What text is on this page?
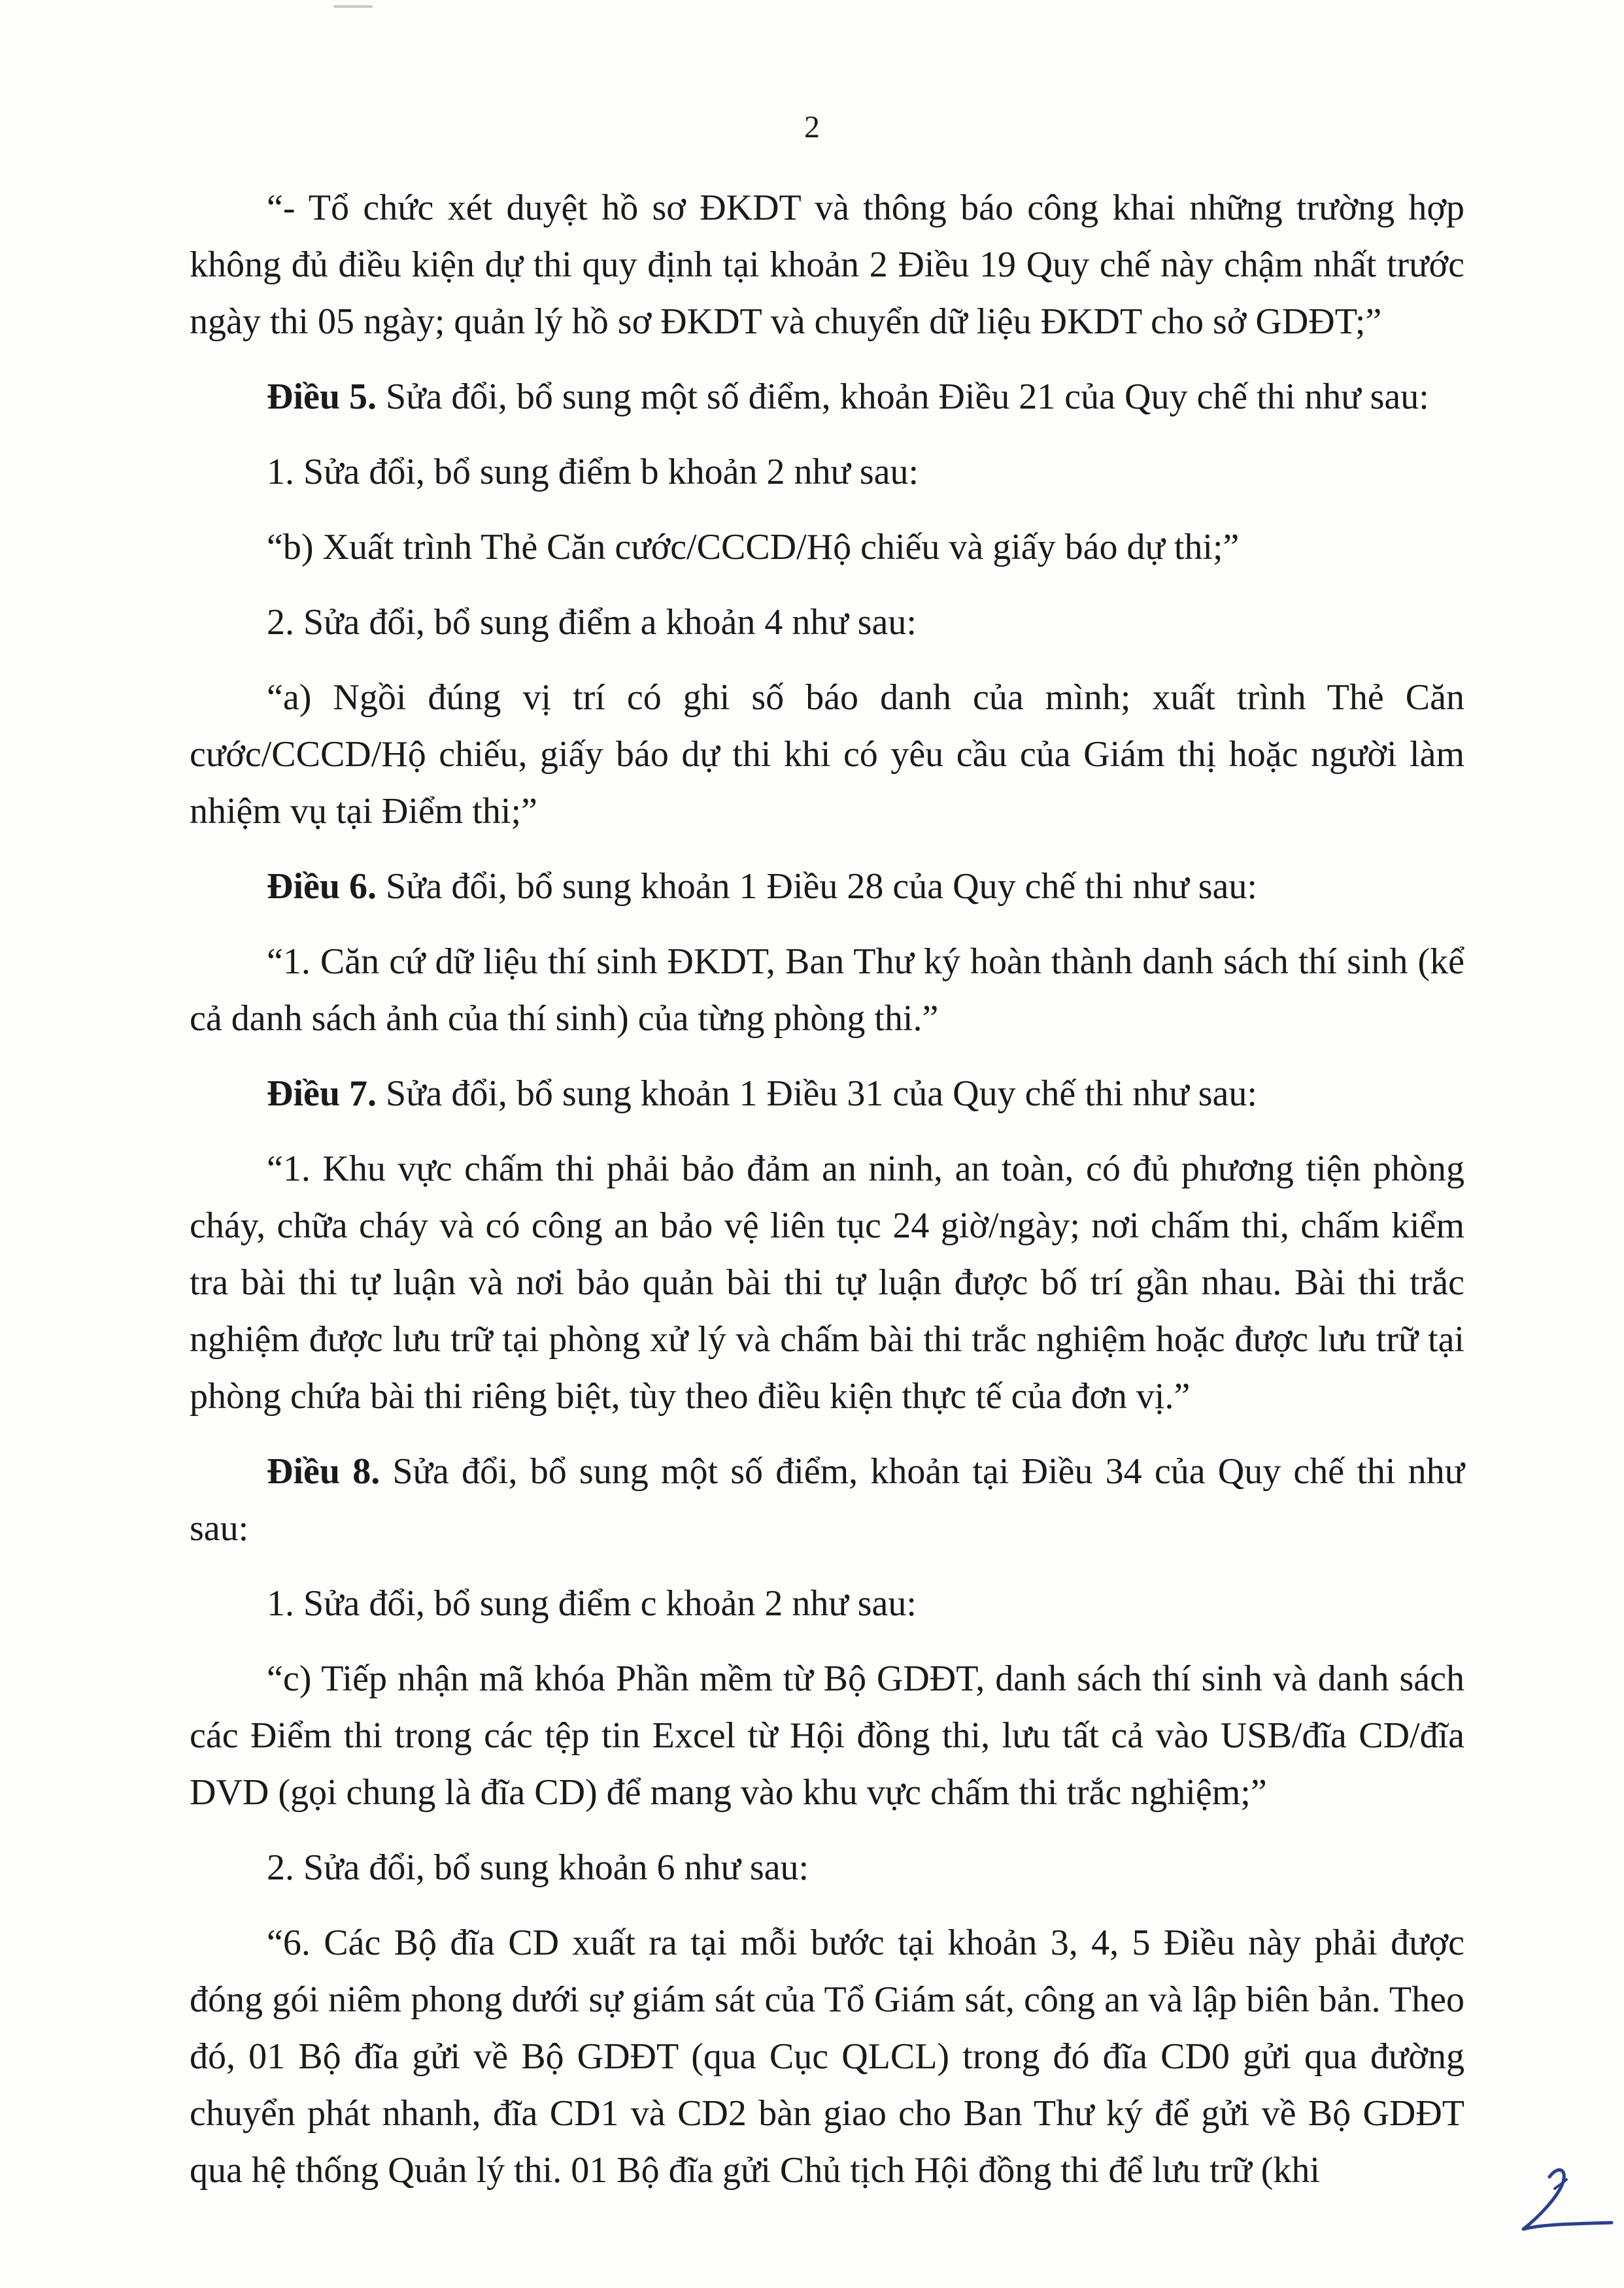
2

“- Tổ chức xét duyệt hồ sơ ĐKDT và thông báo công khai những trường hợp không đủ điều kiện dự thi quy định tại khoản 2 Điều 19 Quy chế này chậm nhất trước ngày thi 05 ngày; quản lý hồ sơ ĐKDT và chuyển dữ liệu ĐKDT cho sở GDĐT;”

Điều 5. Sửa đổi, bổ sung một số điểm, khoản Điều 21 của Quy chế thi như sau:

1. Sửa đổi, bổ sung điểm b khoản 2 như sau:

“b) Xuất trình Thẻ Căn cước/CCCD/Hộ chiếu và giấy báo dự thi;”

2. Sửa đổi, bổ sung điểm a khoản 4 như sau:

“a) Ngồi đúng vị trí có ghi số báo danh của mình; xuất trình Thẻ Căn cước/CCCD/Hộ chiếu, giấy báo dự thi khi có yêu cầu của Giám thị hoặc người làm nhiệm vụ tại Điểm thi;”

Điều 6. Sửa đổi, bổ sung khoản 1 Điều 28 của Quy chế thi như sau:

“1. Căn cứ dữ liệu thí sinh ĐKDT, Ban Thư ký hoàn thành danh sách thí sinh (kể cả danh sách ảnh của thí sinh) của từng phòng thi.”

Điều 7. Sửa đổi, bổ sung khoản 1 Điều 31 của Quy chế thi như sau:

“1. Khu vực chấm thi phải bảo đảm an ninh, an toàn, có đủ phương tiện phòng cháy, chữa cháy và có công an bảo vệ liên tục 24 giờ/ngày; nơi chấm thi, chấm kiểm tra bài thi tự luận và nơi bảo quản bài thi tự luận được bố trí gần nhau. Bài thi trắc nghiệm được lưu trữ tại phòng xử lý và chấm bài thi trắc nghiệm hoặc được lưu trữ tại phòng chứa bài thi riêng biệt, tùy theo điều kiện thực tế của đơn vị.”

Điều 8. Sửa đổi, bổ sung một số điểm, khoản tại Điều 34 của Quy chế thi như sau:

1. Sửa đổi, bổ sung điểm c khoản 2 như sau:

“c) Tiếp nhận mã khóa Phần mềm từ Bộ GDĐT, danh sách thí sinh và danh sách các Điểm thi trong các tệp tin Excel từ Hội đồng thi, lưu tất cả vào USB/đĩa CD/đĩa DVD (gọi chung là đĩa CD) để mang vào khu vực chấm thi trắc nghiệm;”

2. Sửa đổi, bổ sung khoản 6 như sau:

“6. Các Bộ đĩa CD xuất ra tại mỗi bước tại khoản 3, 4, 5 Điều này phải được đóng gói niêm phong dưới sự giám sát của Tổ Giám sát, công an và lập biên bản. Theo đó, 01 Bộ đĩa gửi về Bộ GDĐT (qua Cục QLCL) trong đó đĩa CD0 gửi qua đường chuyển phát nhanh, đĩa CD1 và CD2 bàn giao cho Ban Thư ký để gửi về Bộ GDĐT qua hệ thống Quản lý thi. 01 Bộ đĩa gửi Chủ tịch Hội đồng thi để lưu trữ (khi
